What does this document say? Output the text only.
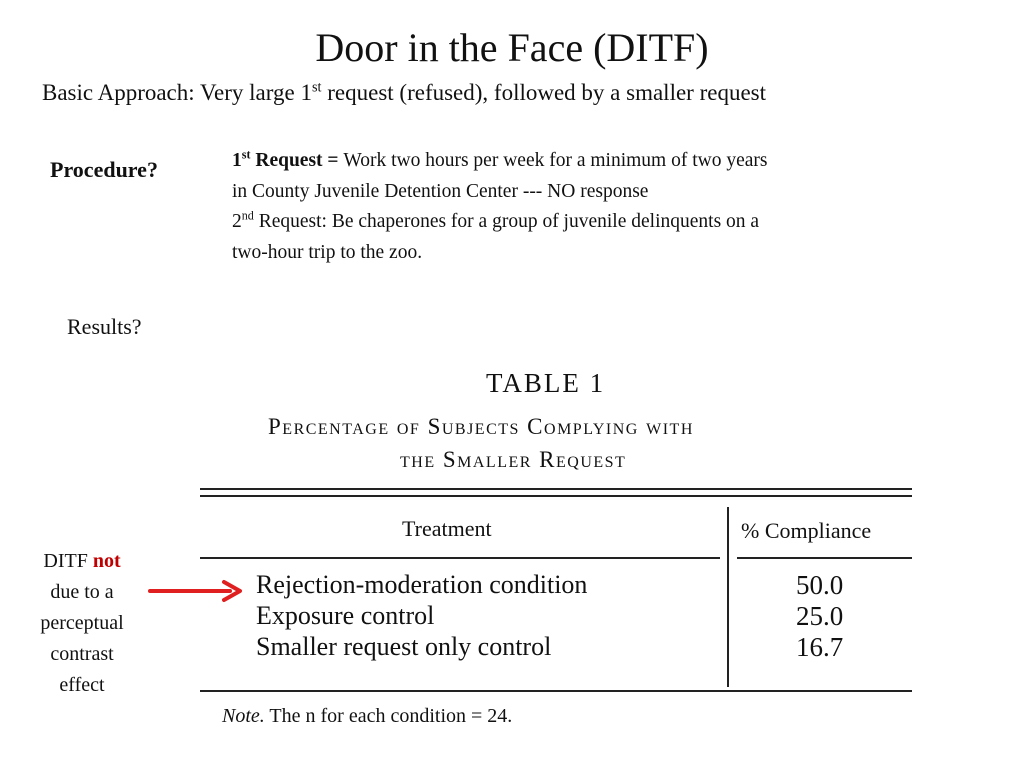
Door in the Face (DITF)
Basic Approach: Very large 1st request (refused), followed by a smaller request
Procedure?	1st Request = Work two hours per week for a minimum of two years
in County Juvenile Detention Center --- NO response
2nd Request: Be chaperones for a group of juvenile delinquents on a
two-hour trip to the zoo.
Results?
TABLE 1
Percentage of Subjects Complying with
the Smaller Request
Treatment	% Compliance
Rejection-moderation condition	50.0
Exposure control	25.0
Smaller request only control	16.7
Note. The n for each condition = 24.
DITF not
due to a
perceptual
contrast
effect
